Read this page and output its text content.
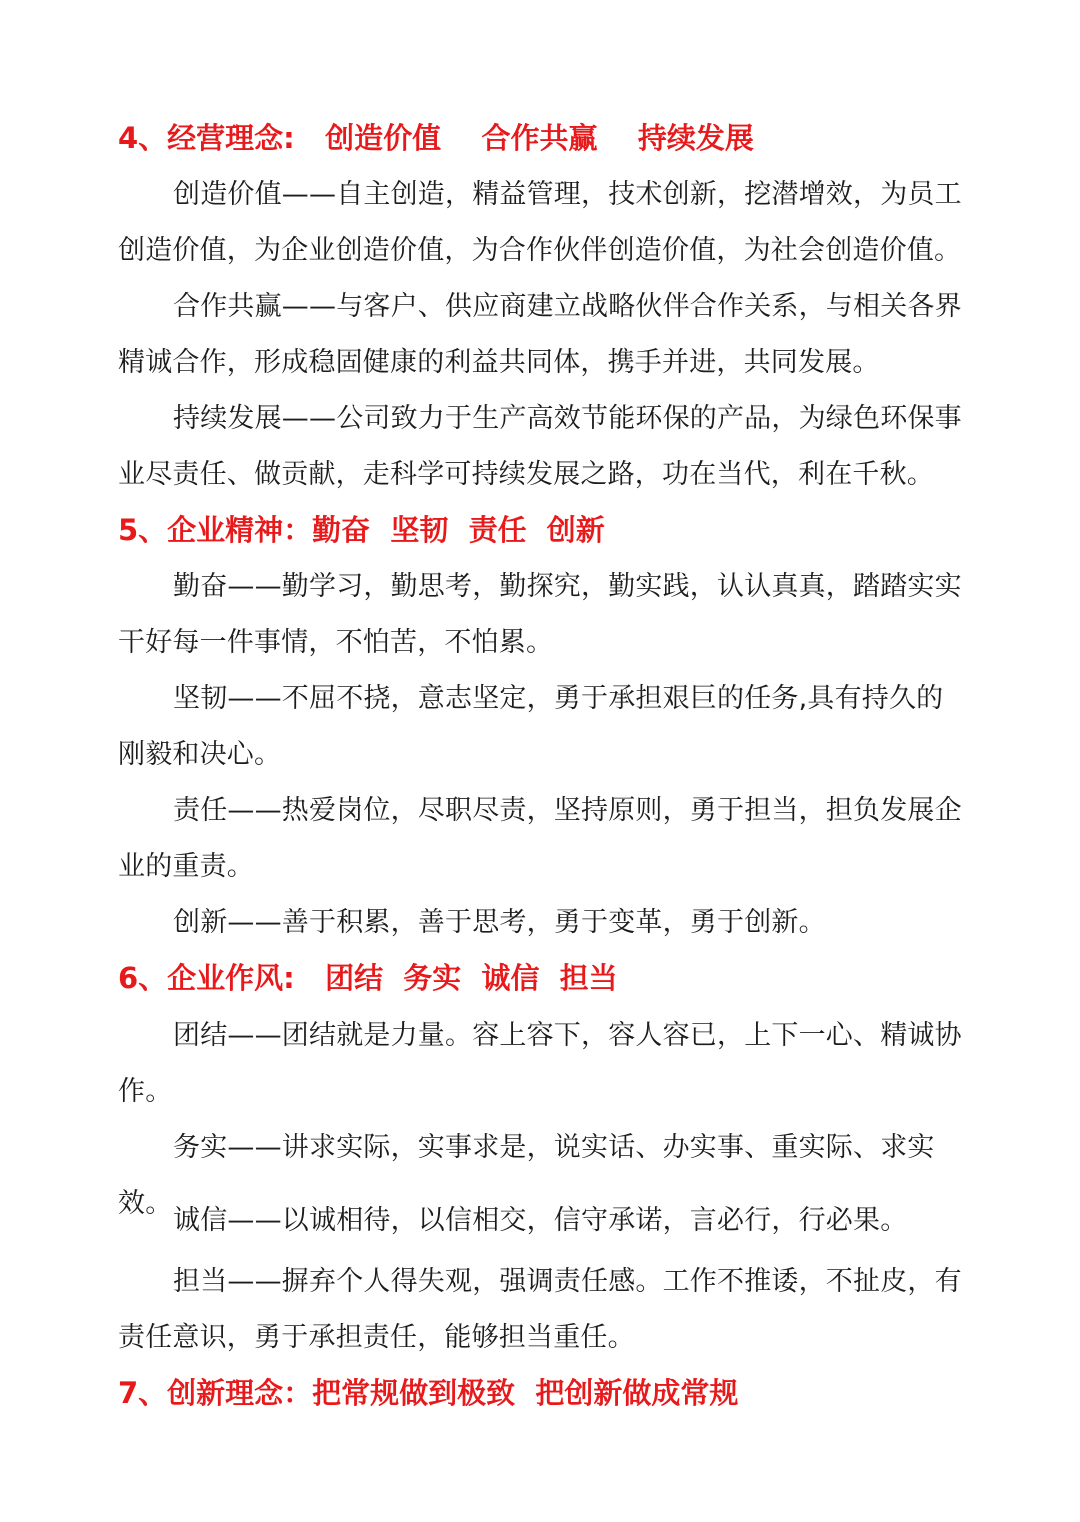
4、经营理念:   创造价值    合作共赢    持续发展
创造价值——自主创造，精益管理，技术创新，挖潜增效，为员工创造价值，为企业创造价值，为合作伙伴创造价值，为社会创造价值。
合作共赢——与客户、供应商建立战略伙伴合作关系，与相关各界精诚合作，形成稳固健康的利益共同体，携手并进，共同发展。
持续发展——公司致力于生产高效节能环保的产品，为绿色环保事业尽责任、做贡献，走科学可持续发展之路，功在当代，利在千秋。
5、企业精神：勤奋  坚韧  责任  创新
勤奋——勤学习，勤思考，勤探究，勤实践，认认真真，踏踏实实干好每一件事情，不怕苦，不怕累。
坚韧——不屈不挠，意志坚定，勇于承担艰巨的任务,具有持久的刚毅和决心。
责任——热爱岗位，尽职尽责，坚持原则，勇于担当，担负发展企业的重责。
创新——善于积累，善于思考，勇于变革，勇于创新。
6、企业作风:   团结  务实  诚信  担当
团结——团结就是力量。容上容下，容人容已，上下一心、精诚协作。
务实——讲求实际，实事求是，说实话、办实事、重实际、求实效。
诚信——以诚相待，以信相交，信守承诺，言必行，行必果。
担当——摒弃个人得失观，强调责任感。工作不推诿，不扯皮，有责任意识，勇于承担责任，能够担当重任。
7、创新理念：把常规做到极致  把创新做成常规
